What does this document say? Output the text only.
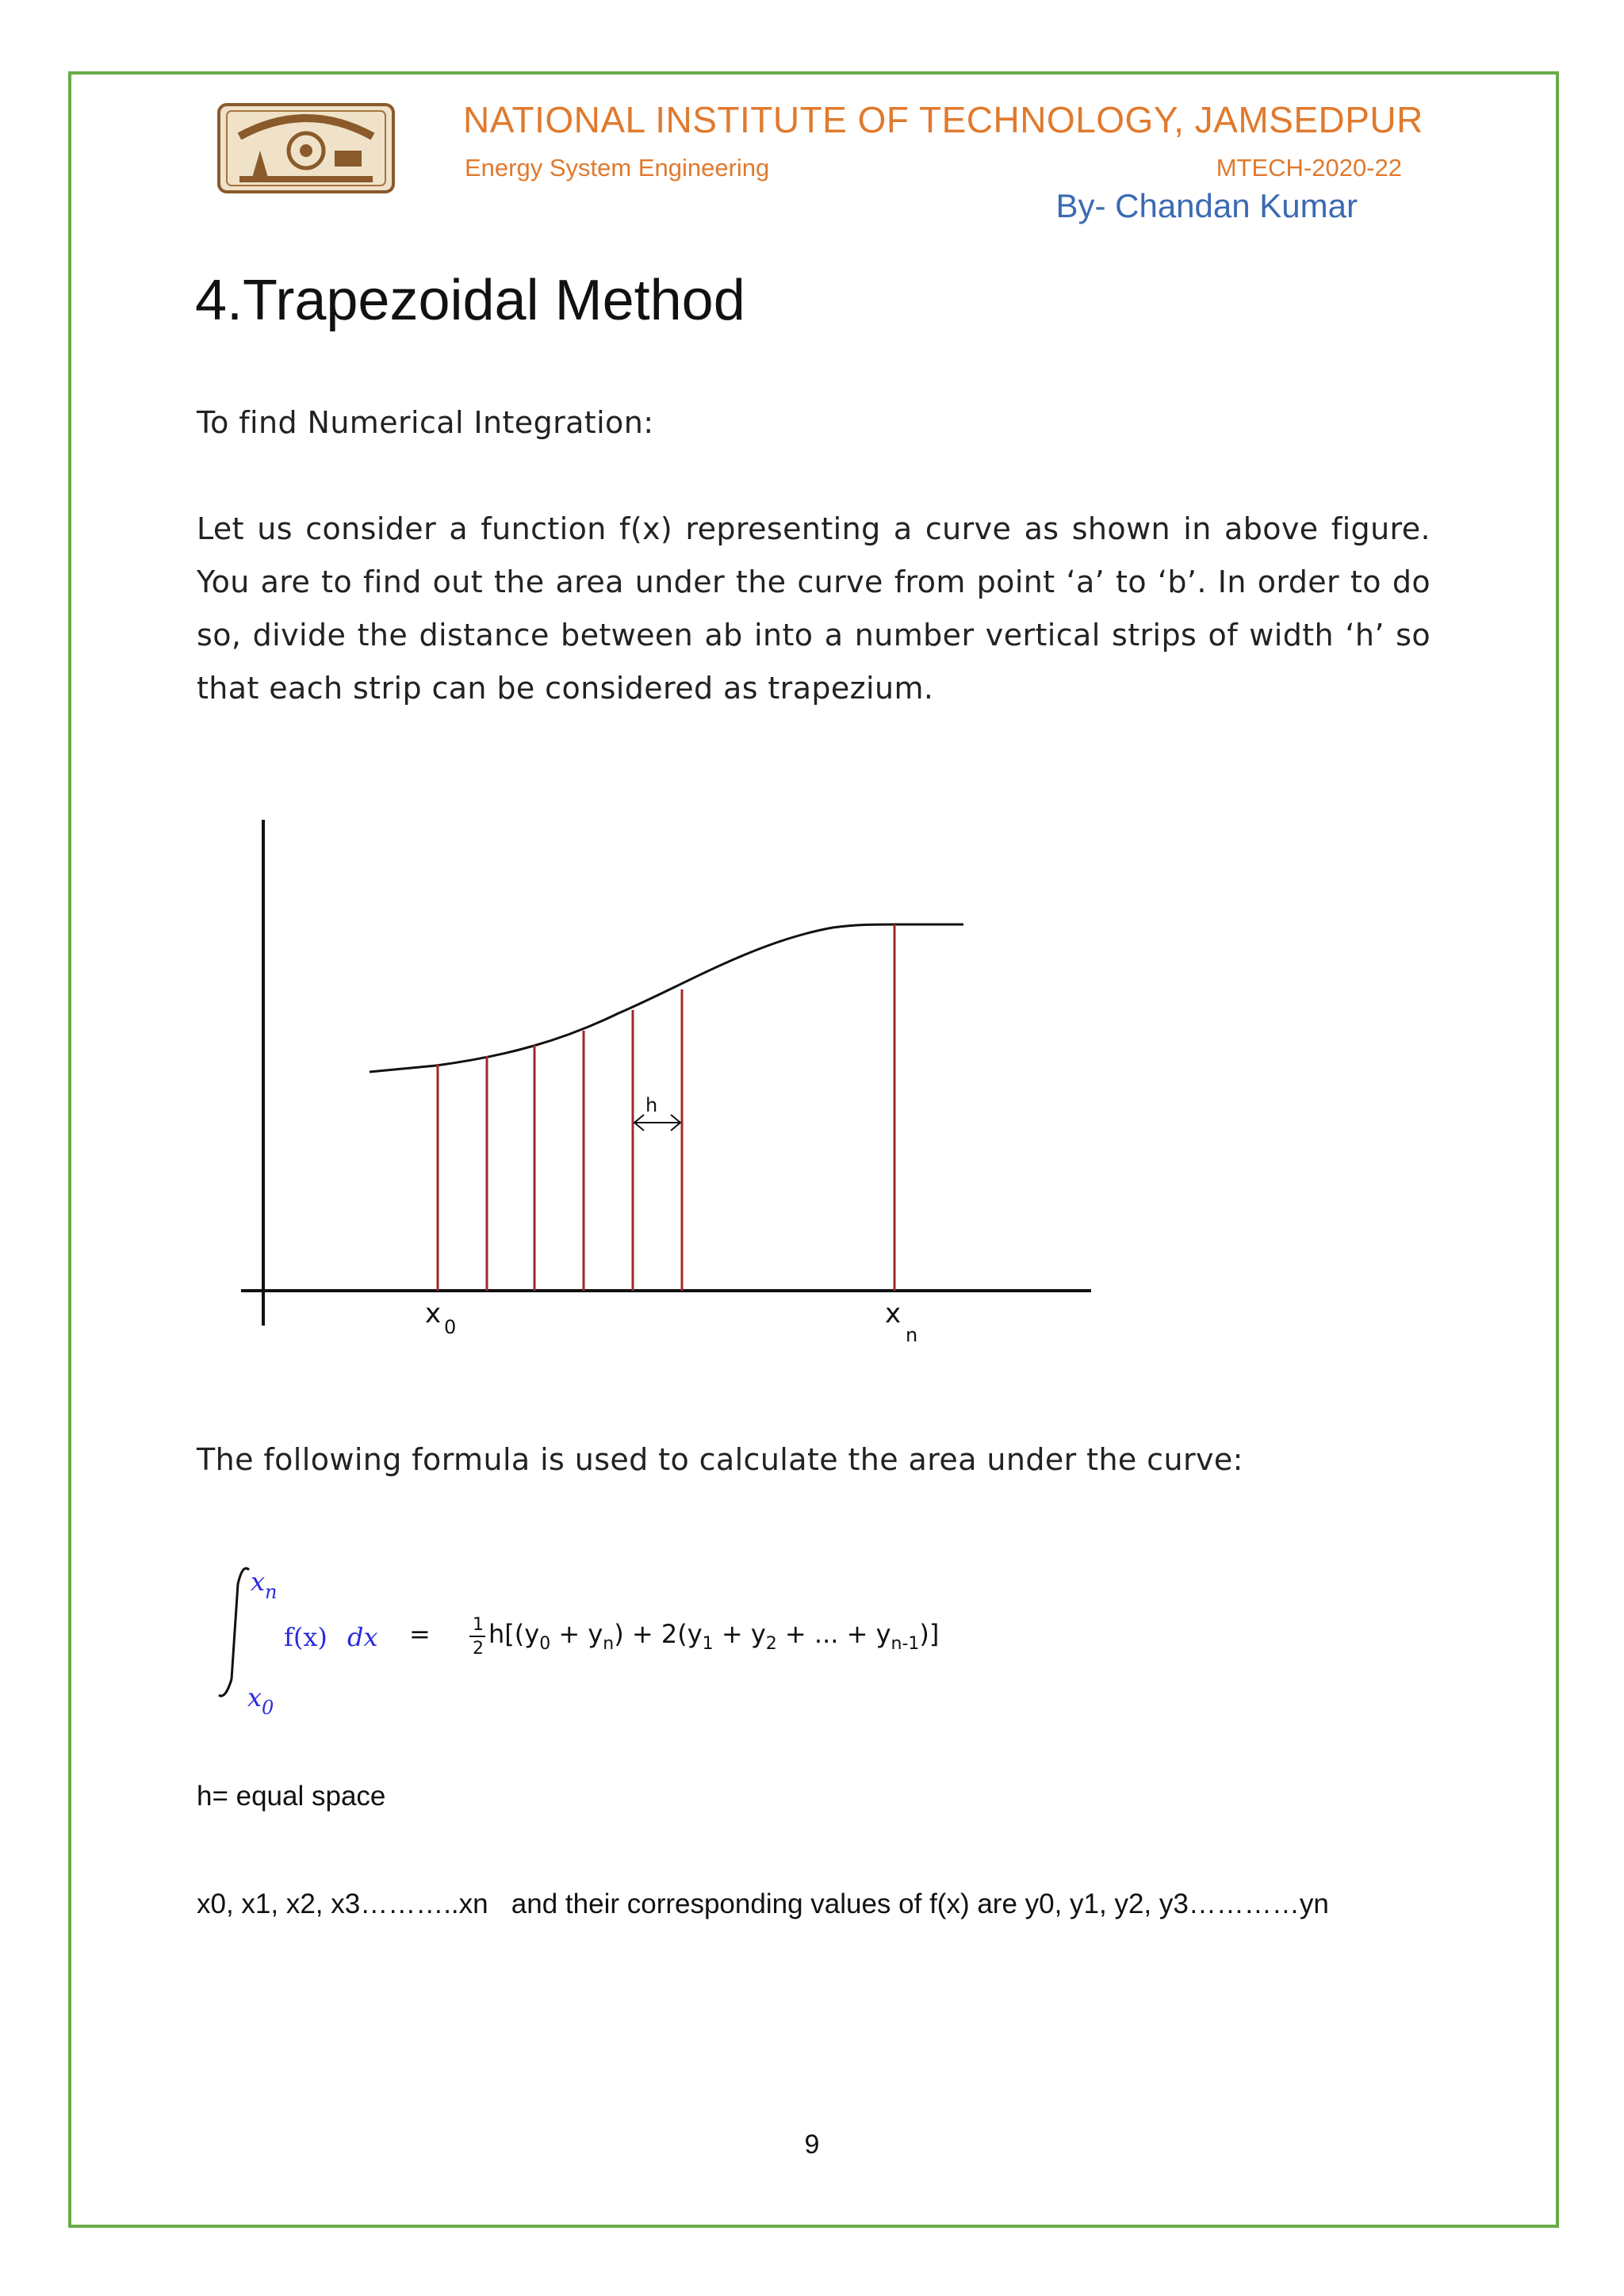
NATIONAL INSTITUTE OF TECHNOLOGY, JAMSEDPUR
Energy System Engineering	MTECH-2020-22
By- Chandan Kumar
4.Trapezoidal Method
To find Numerical Integration:
Let us consider a function f(x) representing a curve as shown in above figure. You are to find out the area under the curve from point ‘a’ to ‘b’. In order to do so, divide the distance between ab into a number vertical strips of width ‘h’ so that each strip can be considered as trapezium.
h
x 0	x
n
The following formula is used to calculate the area under the curve:
x n
x 0
f(x) dx = 1
2 $h[(y_0 + y_n) + 2(y_1 + y_2$ + ... + $y_{n-1}$)]
h= equal space
x0, x1, x2, x3………..xn   and their corresponding values of f(x) are y0, y1, y2, y3…………yn
9
